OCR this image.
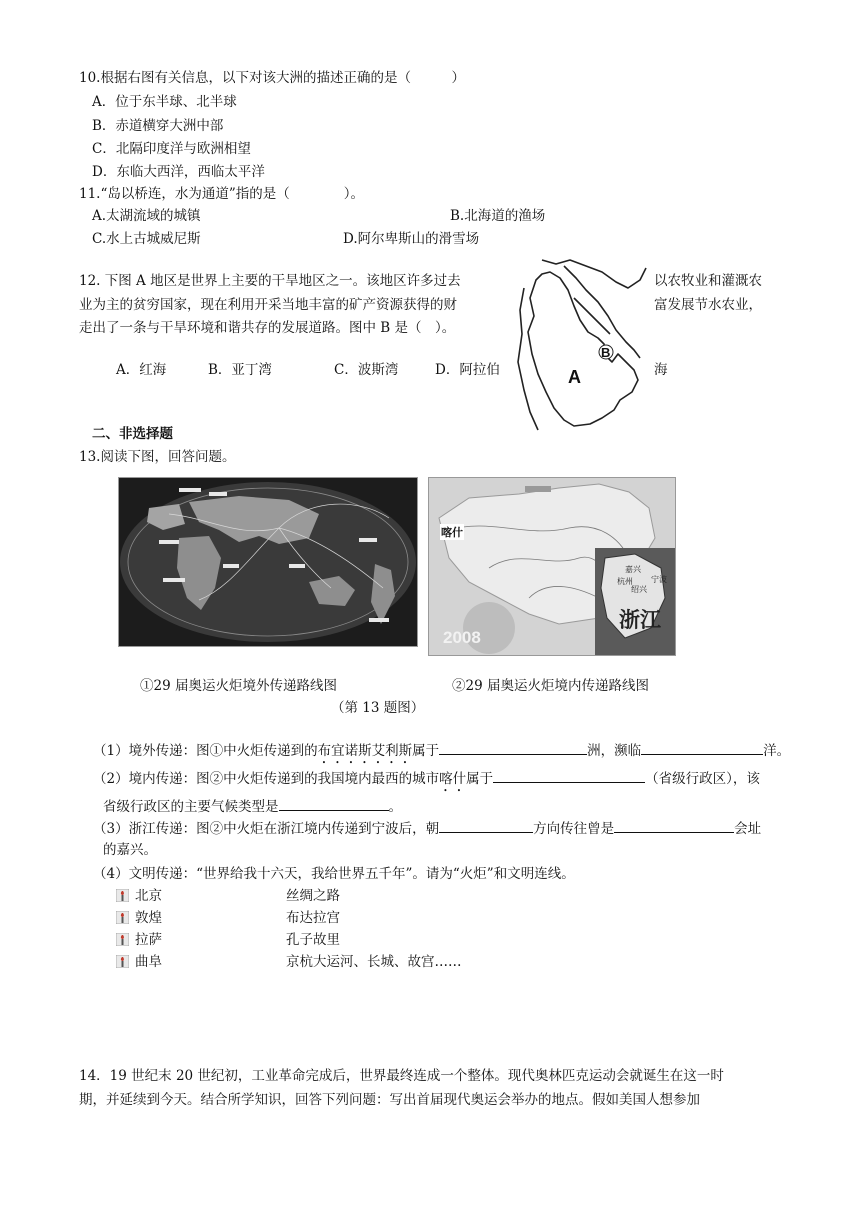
10.根据右图有关信息，以下对该大洲的描述正确的是（　　　）
A．位于东半球、北半球
B．赤道横穿大洲中部
C．北隔印度洋与欧洲相望
D．东临大西洋，西临太平洋
11.“岛以桥连，水为通道”指的是（　　　　）。
A.太湖流域的城镇	B.北海道的渔场
C.水上古城威尼斯	D.阿尔卑斯山的滑雪场
12. 下图 A 地区是世界上主要的干旱地区之一。该地区许多过去	以农牧业和灌溉农
业为主的贫穷国家，现在利用开采当地丰富的矿产资源获得的财	富发展节水农业，
走出了一条与干旱环境和谐共存的发展道路。图中 B 是（　）。
A．红海	B．亚丁湾	C．波斯湾	D．阿拉伯	海
A
B
二、非选择题
13.阅读下图，回答问题。
喀什
2008
浙江
嘉兴
杭州
绍兴
宁波
①29 届奥运火炬境外传递路线图	②29 届奥运火炬境内传递路线图
（第 13 题图）
（1）境外传递：图①中火炬传递到的布宜诺斯艾利斯属于	洲，濒临	洋。
（2）境内传递：图②中火炬传递到的我国境内最西的城市喀什属于	（省级行政区），该
省级行政区的主要气候类型是	。
（3）浙江传递：图②中火炬在浙江境内传递到宁波后，朝	方向传往曾是	会址
的嘉兴。
（4）文明传递：“世界给我十六天，我给世界五千年”。请为“火炬”和文明连线。
北京	丝绸之路
敦煌	布达拉宫
拉萨	孔子故里
曲阜	京杭大运河、长城、故宫……
14．19 世纪末 20 世纪初，工业革命完成后，世界最终连成一个整体。现代奥林匹克运动会就诞生在这一时
期，并延续到今天。结合所学知识，回答下列问题：写出首届现代奥运会举办的地点。假如美国人想参加
